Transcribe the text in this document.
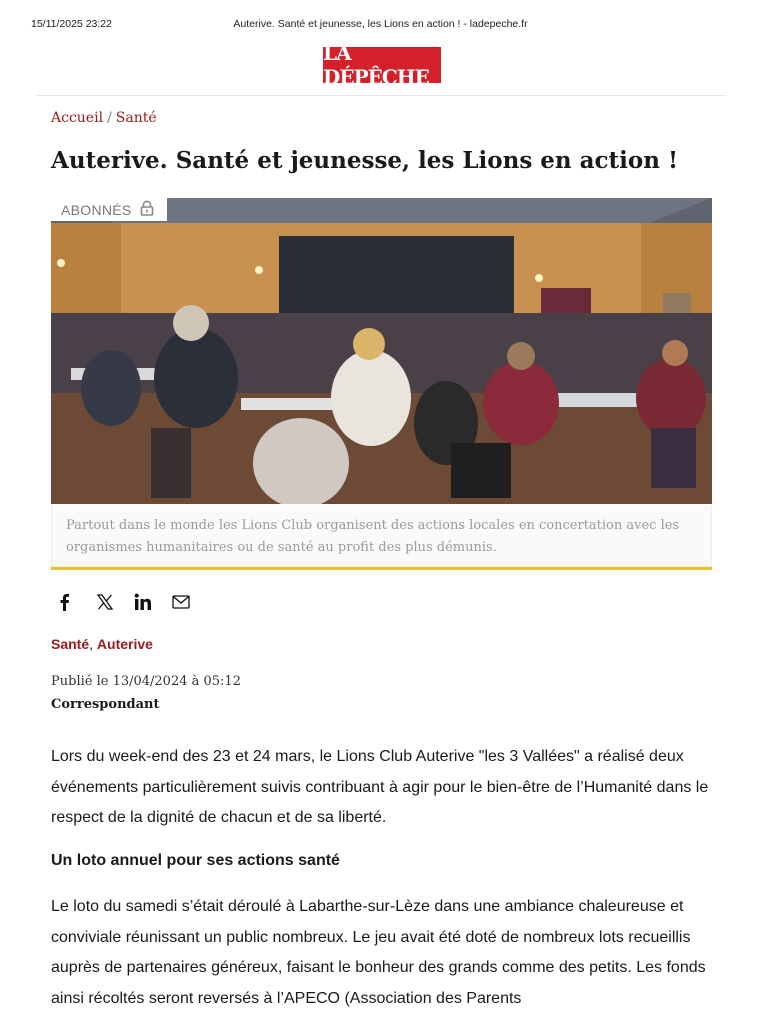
15/11/2025 23:22	Auterive. Santé et jeunesse, les Lions en action ! - ladepeche.fr
LA DÉPÊCHE
Accueil / Santé
Auterive. Santé et jeunesse, les Lions en action !
ABONNÉS
Partout dans le monde les Lions Club organisent des actions locales en concertation avec les organismes humanitaires ou de santé au profit des plus démunis.
Santé, Auterive
Publié le 13/04/2024 à 05:12
Correspondant

Lors du week-end des 23 et 24 mars, le Lions Club Auterive "les 3 Vallées" a réalisé deux événements particulièrement suivis contribuant à agir pour le bien-être de l’Humanité dans le respect de la dignité de chacun et de sa liberté.

Un loto annuel pour ses actions santé

Le loto du samedi s’était déroulé à Labarthe-sur-Lèze dans une ambiance chaleureuse et conviviale réunissant un public nombreux. Le jeu avait été doté de nombreux lots recueillis auprès de partenaires généreux, faisant le bonheur des grands comme des petits. Les fonds ainsi récoltés seront reversés à l’APECO (Association des Parents
